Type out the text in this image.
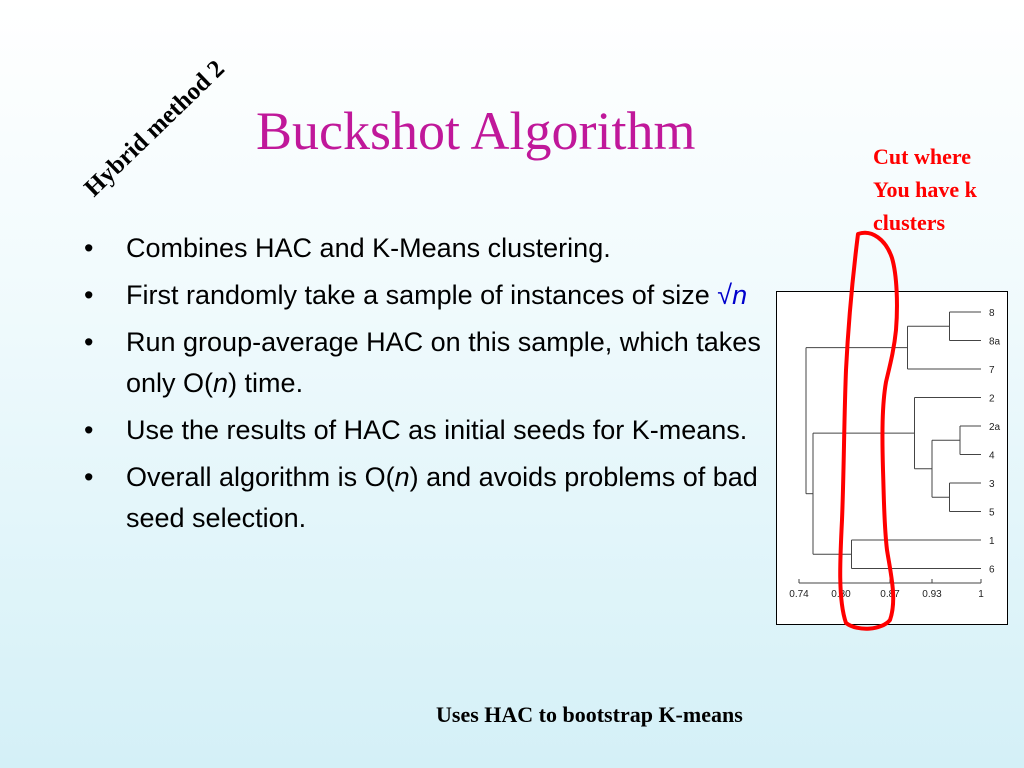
Hybrid method 2 Buckshot Algorithm	Cut where
You have k
clusters
• Combines HAC and K-Means clustering.
• First randomly take a sample of instances of size √n
• Run group-average HAC on this sample, which takes only O(n) time.
• Use the results of HAC as initial seeds for K-means.
• Overall algorithm is O(n) and avoids problems of bad seed selection.
8
8a
7
2
2a
4
3
5
1
6
0.74 0.80	0.87 0.93	1
Uses HAC to bootstrap K-means
